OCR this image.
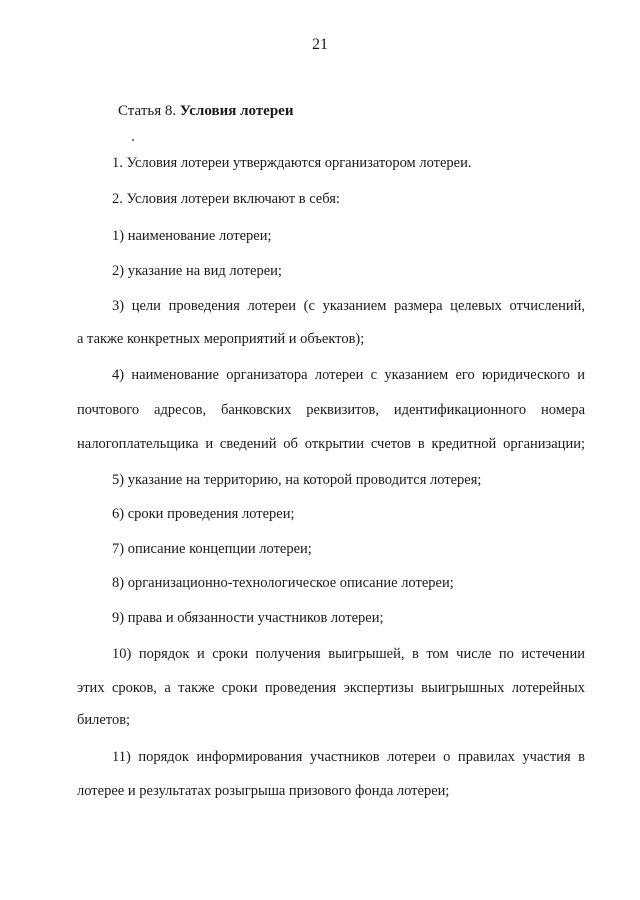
21
Статья 8. Условия лотереи
1. Условия лотереи утверждаются организатором лотереи.
2. Условия лотереи включают в себя:
1) наименование лотереи;
2) указание на вид лотереи;
3) цели проведения лотереи (с указанием размера целевых отчислений,
а также конкретных мероприятий и объектов);
4) наименование организатора лотереи с указанием его юридического и
почтового адресов, банковских реквизитов, идентификационного номера
налогоплательщика и сведений об открытии счетов в кредитной организации;
5) указание на территорию, на которой проводится лотерея;
6) сроки проведения лотереи;
7) описание концепции лотереи;
8) организационно-технологическое описание лотереи;
9) права и обязанности участников лотереи;
10) порядок и сроки получения выигрышей, в том числе по истечении
этих сроков, а также сроки проведения экспертизы выигрышных лотерейных
билетов;
11) порядок информирования участников лотереи о правилах участия в
лотерее и результатах розыгрыша призового фонда лотереи;
